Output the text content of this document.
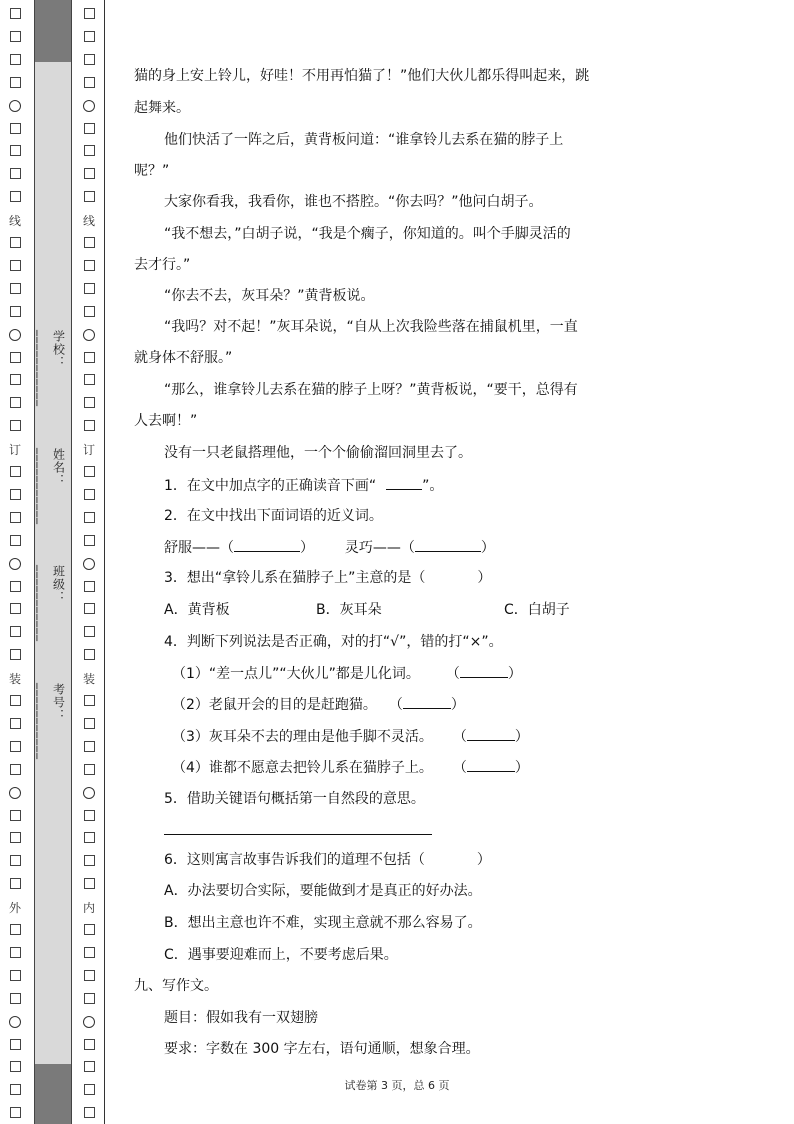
线
订
装
外
学校：___________
姓名：___________
班级：___________
考号：___________
线
订
装
内
猫的身上安上铃儿，好哇！不用再怕猫了！”他们大伙儿都乐得叫起来，跳
起舞来。
他们快活了一阵之后，黄背板问道：“谁拿铃儿去系在猫的脖子上
呢？”
大家你看我，我看你，谁也不搭腔。“你去吗？”他问白胡子。
“我不想去，”白胡子说，“我是个瘸子，你知道的。叫个手脚灵活的
去才行。”
“你去不去，灰耳朵？”黄背板说。
“我吗？对不起！”灰耳朵说，“自从上次我险些落在捕鼠机里，一直
就身体不舒服。”
“那么，谁拿铃儿去系在猫的脖子上呀？”黄背板说，“要干，总得有
人去啊！”
没有一只老鼠搭理他，一个个偷偷溜回洞里去了。
1．在文中加点字的正确读音下画“	”。
2．在文中找出下面词语的近义词。
舒服——（	） 灵巧——（	）
3．想出“拿铃儿系在猫脖子上”主意的是（	）
A．黄背板	B．灰耳朵	C．白胡子
4．判断下列说法是否正确，对的打“√”，错的打“×”。
（1）“差一点儿”“大伙儿”都是儿化词。 （	）
（2）老鼠开会的目的是赶跑猫。 （	）
（3）灰耳朵不去的理由是他手脚不灵活。 （	）
（4）谁都不愿意去把铃儿系在猫脖子上。 （	）
5．借助关键语句概括第一自然段的意思。
6．这则寓言故事告诉我们的道理不包括（	）
A．办法要切合实际，要能做到才是真正的好办法。
B．想出主意也许不难，实现主意就不那么容易了。
C．遇事要迎难而上，不要考虑后果。
九、写作文。
题目：假如我有一双翅膀
要求：字数在 300 字左右，语句通顺，想象合理。
试卷第 3 页，总 6 页
